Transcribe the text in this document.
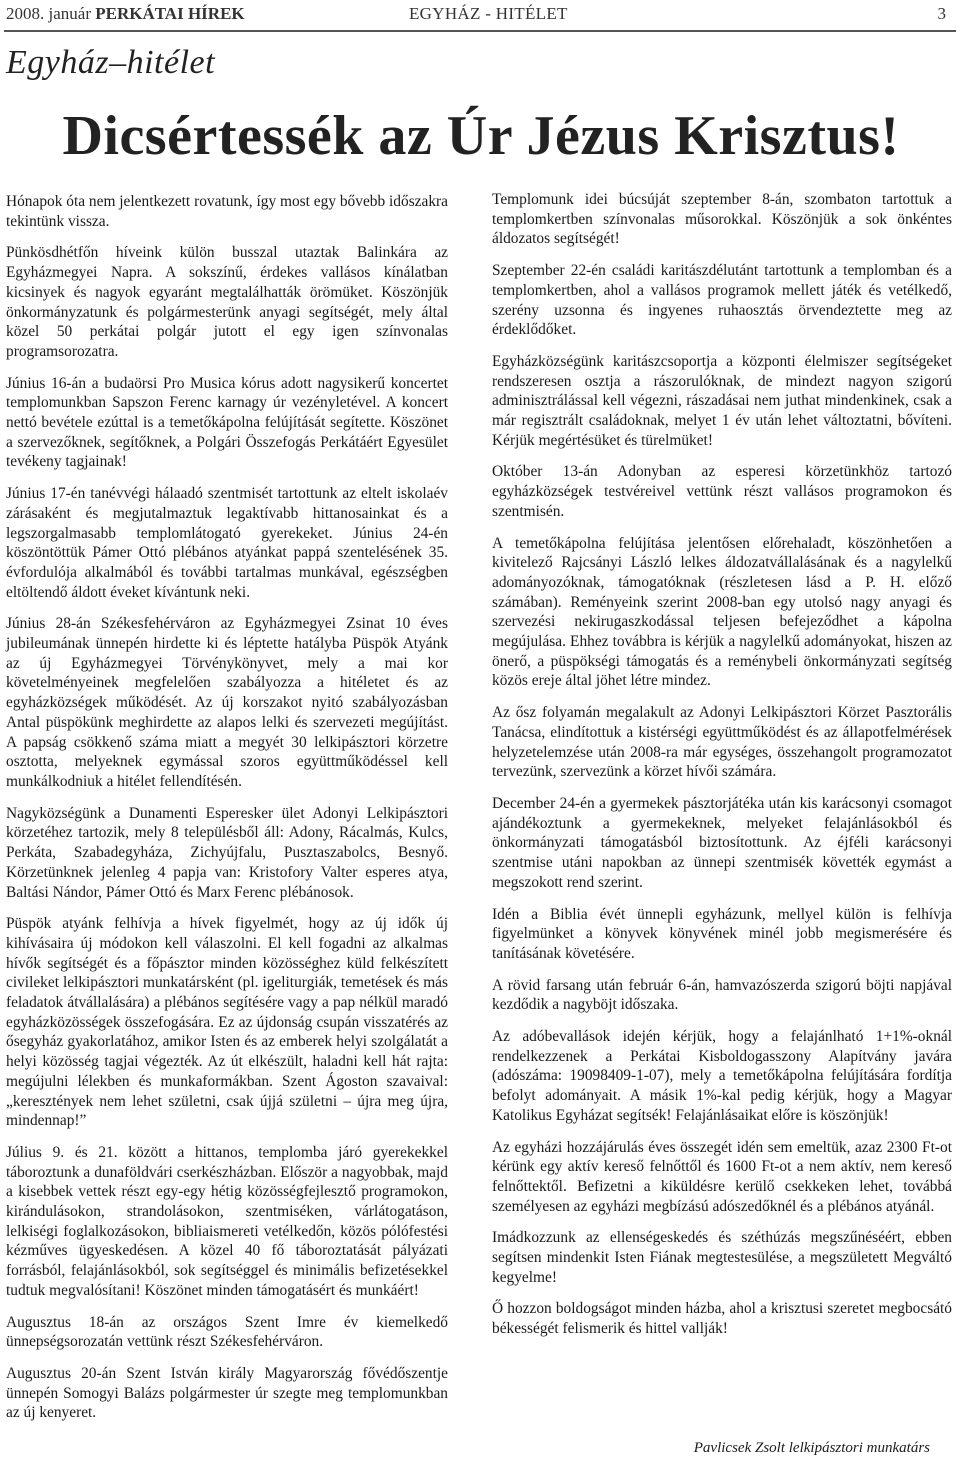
2008. január PERKÁTAI HÍREK	EGYHÁZ - HITÉLET	3
Egyház–hitélet
Dicsértessék az Úr Jézus Krisztus!

Hónapok óta nem jelentkezett rovatunk, így most egy bővebb időszakra tekintünk vissza.

Pünkösdhétfőn híveink külön busszal utaztak Balinkára az Egyházmegyei Napra. A sokszínű, érdekes vallásos kínálatban kicsinyek és nagyok egyaránt megtalálhatták örömüket. Köszönjük önkormányzatunk és polgármesterünk anyagi segítségét, mely által közel 50 perkátai polgár jutott el egy igen színvonalas programsorozatra.

Június 16-án a budaörsi Pro Musica kórus adott nagysikerű koncertet templomunkban Sapszon Ferenc karnagy úr vezényletével. A koncert nettó bevétele ezúttal is a temetőkápolna felújítását segítette. Köszönet a szervezőknek, segítőknek, a Polgári Összefogás Perkátáért Egyesület tevékeny tagjainak!

Június 17-én tanévvégi hálaadó szentmisét tartottunk az eltelt iskolaév zárásaként és megjutalmaztuk legaktívabb hittanosainkat és a legszorgalmasabb templomlátogató gyerekeket. Június 24-én köszöntöttük Pámer Ottó plébános atyánkat pappá szentelésének 35. évfordulója alkalmából és további tartalmas munkával, egészségben eltöltendő áldott éveket kívántunk neki.

Június 28-án Székesfehérváron az Egyházmegyei Zsinat 10 éves jubileumának ünnepén hirdette ki és léptette hatályba Püspök Atyánk az új Egyházmegyei Törvénykönyvet, mely a mai kor követelményeinek megfelelően szabályozza a hitéletet és az egyházközségek működését. Az új korszakot nyitó szabályozásban Antal püspökünk meghirdette az alapos lelki és szervezeti megújítást. A papság csökkenő száma miatt a megyét 30 lelkipásztori körzetre osztotta, melyeknek egymással szoros együttműködéssel kell munkálkodniuk a hitélet fellendítésén.

Nagyközségünk a Dunamenti Esperesker ület Adonyi Lelkipásztori körzetéhez tartozik, mely 8 településből áll: Adony, Rácalmás, Kulcs, Perkáta, Szabadegyháza, Zichyújfalu, Pusztaszabolcs, Besnyő. Körzetünknek jelenleg 4 papja van: Kristofory Valter esperes atya, Baltási Nándor, Pámer Ottó és Marx Ferenc plébánosok.

Püspök atyánk felhívja a hívek figyelmét, hogy az új idők új kihívásaira új módokon kell válaszolni. El kell fogadni az alkalmas hívők segítségét és a főpásztor minden közösséghez küld felkészített civileket lelkipásztori munkatársként (pl. igeliturgiák, temetések és más feladatok átvállalására) a plébános segítésére vagy a pap nélkül maradó egyházközösségek összefogására. Ez az újdonság csupán visszatérés az ősegyház gyakorlatához, amikor Isten és az emberek helyi szolgálatát a helyi közösség tagjai végezték. Az út elkészült, haladni kell hát rajta: megújulni lélekben és munkaformákban. Szent Ágoston szavaival: „keresztények nem lehet születni, csak újjá születni – újra meg újra, mindennap!”

Július 9. és 21. között a hittanos, templomba járó gyerekekkel táboroztunk a dunaföldvári cserkészházban. Először a nagyobbak, majd a kisebbek vettek részt egy-egy hétig közösségfejlesztő programokon, kirándulásokon, strandolásokon, szentmiséken, várlátogatáson, lelkiségi foglalkozásokon, bibliaismereti vetélkedőn, közös pólófestési kézműves ügyeskedésen. A közel 40 fő táboroztatását pályázati forrásból, felajánlásokból, sok segítséggel és minimális befizetésekkel tudtuk megvalósítani! Köszönet minden támogatásért és munkáért!

Augusztus 18-án az országos Szent Imre év kiemelkedő ünnepségsorozatán vettünk részt Székesfehérváron.

Augusztus 20-án Szent István király Magyarország fővédőszentje ünnepén Somogyi Balázs polgármester úr szegte meg templomunkban az új kenyeret.

Templomunk idei búcsúját szeptember 8-án, szombaton tartottuk a templomkertben színvonalas műsorokkal. Köszönjük a sok önkéntes áldozatos segítségét!

Szeptember 22-én családi karitászdélutánt tartottunk a templomban és a templomkertben, ahol a vallásos programok mellett játék és vetélkedő, szerény uzsonna és ingyenes ruhaosztás örvendeztette meg az érdeklődőket.

Egyházközségünk karitászcsoportja a központi élelmiszer segítségeket rendszeresen osztja a rászorulóknak, de mindezt nagyon szigorú adminisztrálással kell végezni, rászadásai nem juthat mindenkinek, csak a már regisztrált családoknak, melyet 1 év után lehet változtatni, bővíteni. Kérjük megértésüket és türelmüket!

Október 13-án Adonyban az esperesi körzetünkhöz tartozó egyházközségek testvéreivel vettünk részt vallásos programokon és szentmisén.

A temetőkápolna felújítása jelentősen előrehaladt, köszönhetően a kivitelező Rajcsányi László lelkes áldozatvállalásának és a nagylelkű adományozóknak, támogatóknak (részletesen lásd a P. H. előző számában). Reményeink szerint 2008-ban egy utolsó nagy anyagi és szervezési nekirugaszkodással teljesen befejeződhet a kápolna megújulása. Ehhez továbbra is kérjük a nagylelkű adományokat, hiszen az önerő, a püspökségi támogatás és a reménybeli önkormányzati segítség közös ereje által jöhet létre mindez.

Az ősz folyamán megalakult az Adonyi Lelkipásztori Körzet Pasztorális Tanácsa, elindítottuk a kistérségi együttműködést és az állapotfelmérések helyzetelemzése után 2008-ra már egységes, összehangolt programozatot tervezünk, szervezünk a körzet hívői számára.

December 24-én a gyermekek pásztorjátéka után kis karácsonyi csomagot ajándékoztunk a gyermekeknek, melyeket felajánlásokból és önkormányzati támogatásból biztosítottunk. Az éjféli karácsonyi szentmise utáni napokban az ünnepi szentmisék követték egymást a megszokott rend szerint.

Idén a Biblia évét ünnepli egyházunk, mellyel külön is felhívja figyelmünket a könyvek könyvének minél jobb megismerésére és tanításának követésére.

A rövid farsang után február 6-án, hamvazószerda szigorú böjti napjával kezdődik a nagyböjt időszaka.

Az adóbevallások idején kérjük, hogy a felajánlható 1+1%-oknál rendelkezzenek a Perkátai Kisboldogasszony Alapítvány javára (adószáma: 19098409-1-07), mely a temetőkápolna felújítására fordítja befolyt adományait. A másik 1%-kal pedig kérjük, hogy a Magyar Katolikus Egyházat segítsék! Felajánlásaikat előre is köszönjük!

Az egyházi hozzájárulás éves összegét idén sem emeltük, azaz 2300 Ft-ot kérünk egy aktív kereső felnőttől és 1600 Ft-ot a nem aktív, nem kereső felnőttektől. Befizetni a kiküldésre kerülő csekkeken lehet, továbbá személyesen az egyházi megbízású adószedőknél és a plébános atyánál.

Imádkozzunk az ellenségeskedés és széthúzás megszűnéséért, ebben segítsen mindenkit Isten Fiának megtestesülése, a megszületett Megváltó kegyelme!

Ő hozzon boldogságot minden házba, ahol a krisztusi szeretet megbocsátó békességét felismerik és hittel vallják!

Pavlicsek Zsolt lelkipásztori munkatárs
